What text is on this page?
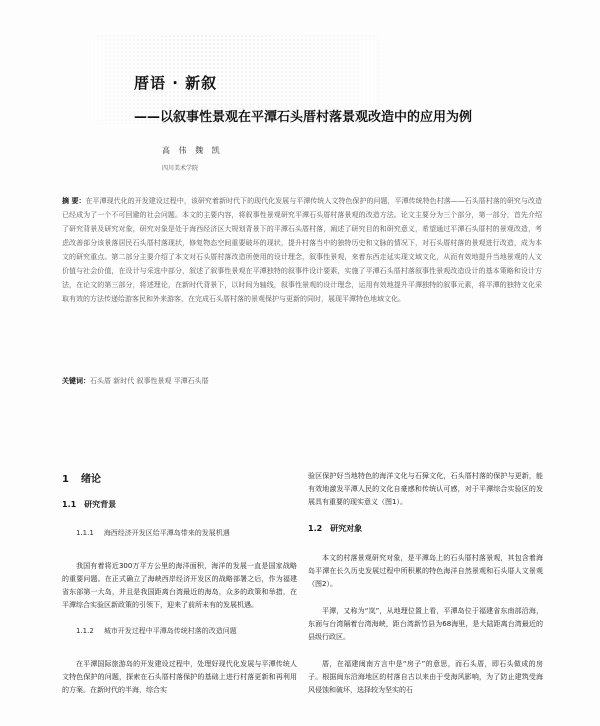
厝语 · 新叙
——以叙事性景观在平潭石头厝村落景观改造中的应用为例
高 伟 魏 凯
四川美术学院
摘 要：在平潭现代化的开发建设过程中，该研究着新时代下的现代化发展与平潭传统人文特色保护的问题，平潭传统特色村落——石头厝村落的研究与改造已经成为了一个不可回避的社会问题。本文的主要内容，将叙事性景观研究平潭石头厝村落景观的改造方法。论文主要分为三个部分，第一部分，首先介绍了研究背景及研究对象，研究对象是处于海西经济区大规划背景下的平潭石头厝村落，阐述了研究目的和研究意义，希望通过平潭石头厝村的景观改造，考虑改善部分该景落居民石头厝村落现状，修复物态空间重要破坏的现状，提升村落当中的独特历史和文脉的情况下，对石头厝村落的景观进行改造，成为本文的研究重点。第二部分主要介绍了本文对石头厝村落改造所使用的设计理念，叙事性景观，来着东西走延实现文域文化，从而有效地提升当地景观的人文价值与社会价值，在设计与采选中部分，叙述了叙事性景观在平潭独特的叙事件设计要素，实施了平潭石头厝村落叙事性景观改造设计的基本策略和设计方法，在论文的第三部分，将述理论，在新时代背景下，以时间为轴线，叙事性景观的设计理念，运用有效地提升平潭独特的叙事元素，将平潭的独特文化采取有效的方法传递给游客民和外来游客，在完成石头厝村落的景观保护与更新的同时，展现平潭特色地域文化。
关键词：石头厝 新时代 叙事性景观 平潭石头厝
1 绪论
1.1 研究背景
1.1.1 海西经济开发区给平潭岛带来的发展机遇

我国有着将近300万平方公里的海洋面积，海洋的发展一直是国家战略的重要问题。在正式确立了海峡西岸经济开发区的战略部署之后，作为福建省东部第一大岛，并且是我国距离台湾最近的海岛，众多的政策和举措，在平潭综合实验区新政策的引领下，迎来了前所未有的发展机遇。

1.1.2 城市开发过程中平潭岛传统村落的改造问题

在平潭国际旅游岛的开发建设过程中，处理好现代化发展与平潭传统人文特色保护的问题，探索在石头厝村落保护的基础上进行村落更新和再利用的方案。在新时代的半海，综合实

验区保护好当地特色的海洋文化与石獐文化，石头厝村落的保护与更新，能有效地激发平潭人民的文化自豪感和传统认可感，对于平潭综合实验区的发展具有重要的现实意义（图1）。

1.2 研究对象

本文的村落景观研究对象，是平潭岛上的石头厝村落景观，其包含着海岛平潭在长久历史发展过程中所积累的特色海洋自然景观和石头厝人文景观（图2）。

平潭，又称为“岚”，从地理位置上看，平潭岛位于福建省东南部沿海，东面与台湾隔着台湾海峡，距台湾新竹县为68海里，是大陆距离台湾最近的县级行政区。

厝，在福建闽南方言中是“房子”的意思，而石头厝，即石头做成的房子。根据闽东沿海地区的村落自古以来由于受海风影响，为了防止建筑受海风侵蚀和破坏，选择较为坚实的石
